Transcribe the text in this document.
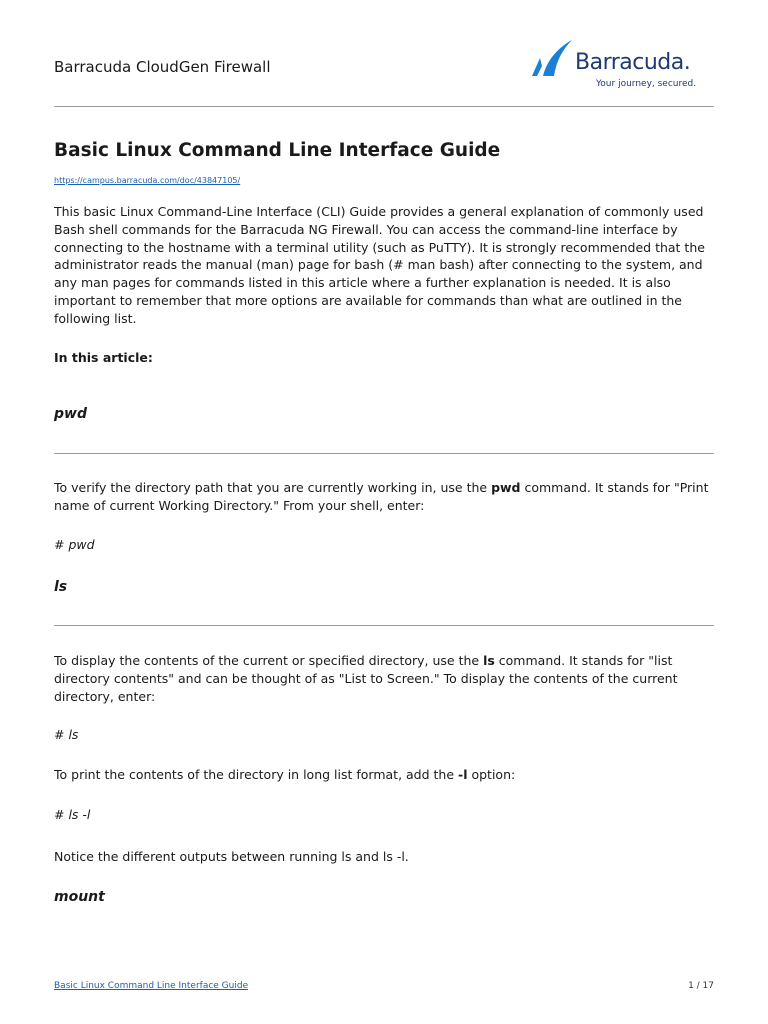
Barracuda CloudGen Firewall	Barracuda.
Your journey, secured.
Basic Linux Command Line Interface Guide
https://campus.barracuda.com/doc/43847105/
This basic Linux Command-Line Interface (CLI) Guide provides a general explanation of commonly used Bash shell commands for the Barracuda NG Firewall. You can access the command-line interface by connecting to the hostname with a terminal utility (such as PuTTY). It is strongly recommended that the administrator reads the manual (man) page for bash (# man bash) after connecting to the system, and any man pages for commands listed in this article where a further explanation is needed. It is also important to remember that more options are available for commands than what are outlined in the following list.
In this article:
pwd
To verify the directory path that you are currently working in, use the pwd command. It stands for "Print name of current Working Directory." From your shell, enter:
# pwd
ls
To display the contents of the current or specified directory, use the ls command. It stands for "list directory contents" and can be thought of as "List to Screen." To display the contents of the current directory, enter:
# ls
To print the contents of the directory in long list format, add the -l option:
# ls -l
Notice the different outputs between running ls and ls -l.
mount
Basic Linux Command Line Interface Guide	1 / 17
